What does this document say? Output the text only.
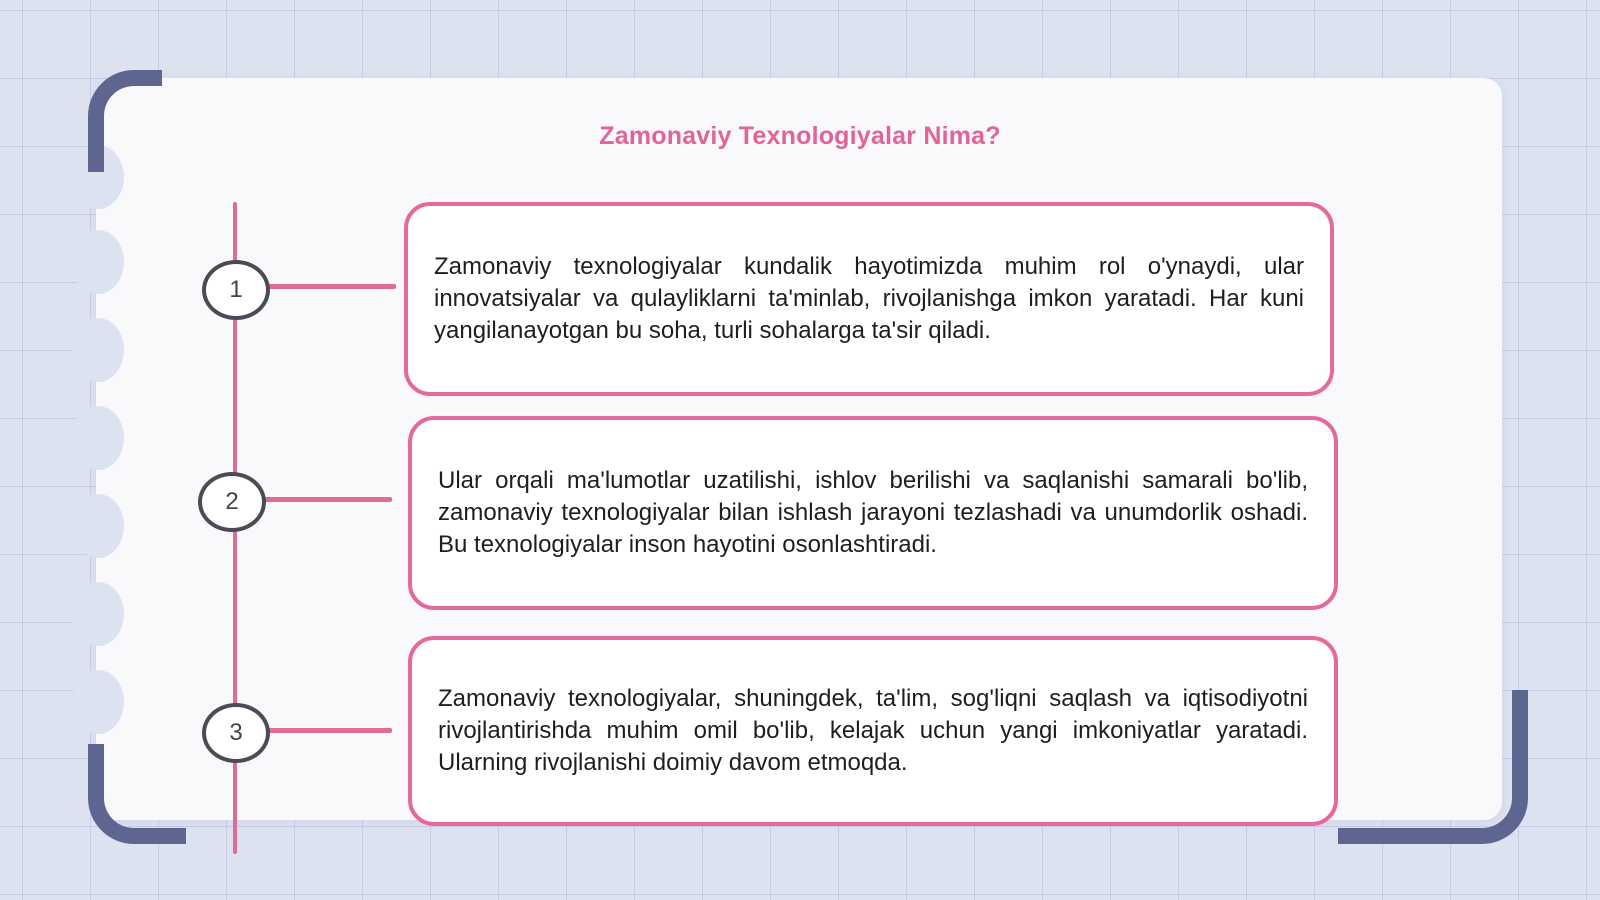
Zamonaviy Texnologiyalar Nima?
1
Zamonaviy texnologiyalar kundalik hayotimizda muhim rol o'ynaydi, ular innovatsiyalar va qulayliklarni ta'minlab, rivojlanishga imkon yaratadi. Har kuni yangilanayotgan bu soha, turli sohalarga ta'sir qiladi.
2
Ular orqali ma'lumotlar uzatilishi, ishlov berilishi va saqlanishi samarali bo'lib, zamonaviy texnologiyalar bilan ishlash jarayoni tezlashadi va unumdorlik oshadi. Bu texnologiyalar inson hayotini osonlashtiradi.
3
Zamonaviy texnologiyalar, shuningdek, ta'lim, sog'liqni saqlash va iqtisodiyotni rivojlantirishda muhim omil bo'lib, kelajak uchun yangi imkoniyatlar yaratadi. Ularning rivojlanishi doimiy davom etmoqda.
